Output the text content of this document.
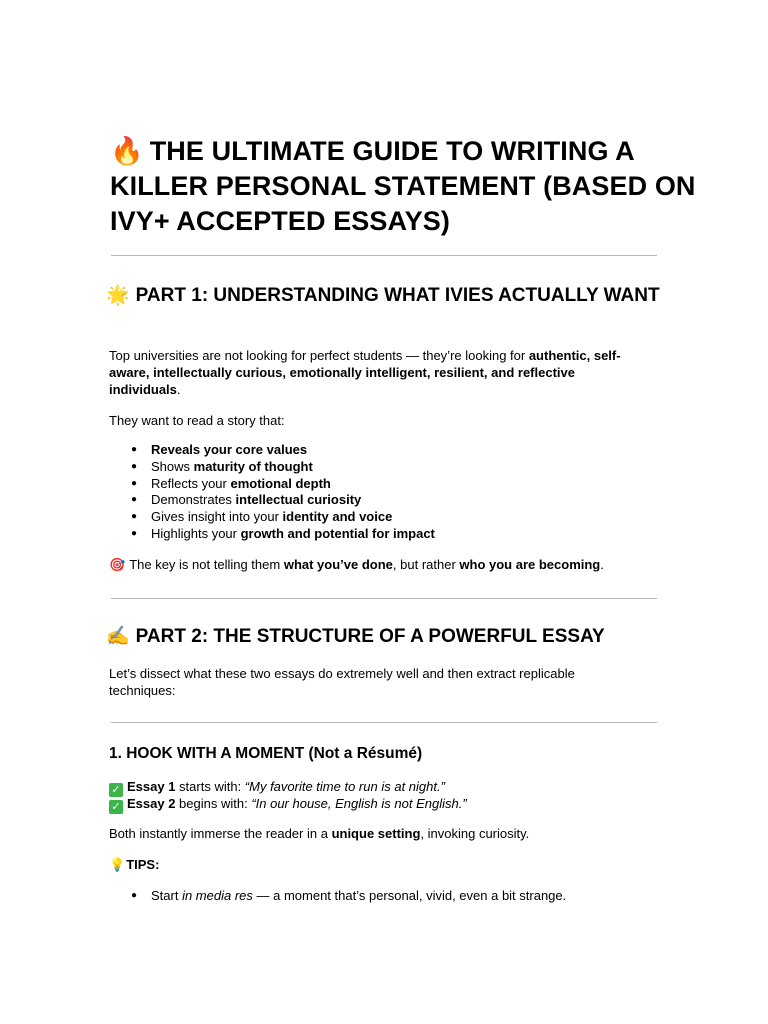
🔥 THE ULTIMATE GUIDE TO WRITING A KILLER PERSONAL STATEMENT (BASED ON IVY+ ACCEPTED ESSAYS)
🌟 PART 1: UNDERSTANDING WHAT IVIES ACTUALLY WANT

Top universities are not looking for perfect students — they’re looking for authentic, self-aware, intellectually curious, emotionally intelligent, resilient, and reflective individuals.

They want to read a story that:

● Reveals your core values
● Shows maturity of thought
● Reflects your emotional depth
● Demonstrates intellectual curiosity
● Gives insight into your identity and voice
● Highlights your growth and potential for impact

🎯 The key is not telling them what you’ve done, but rather who you are becoming.

✍️ PART 2: THE STRUCTURE OF A POWERFUL ESSAY

Let’s dissect what these two essays do extremely well and then extract replicable techniques:

1. HOOK WITH A MOMENT (Not a Résumé)

✓ Essay 1 starts with: “My favorite time to run is at night.”

✓ Essay 2 begins with: “In our house, English is not English.”

Both instantly immerse the reader in a unique setting, invoking curiosity.

💡TIPS:

● Start in media res — a moment that’s personal, vivid, even a bit strange.
